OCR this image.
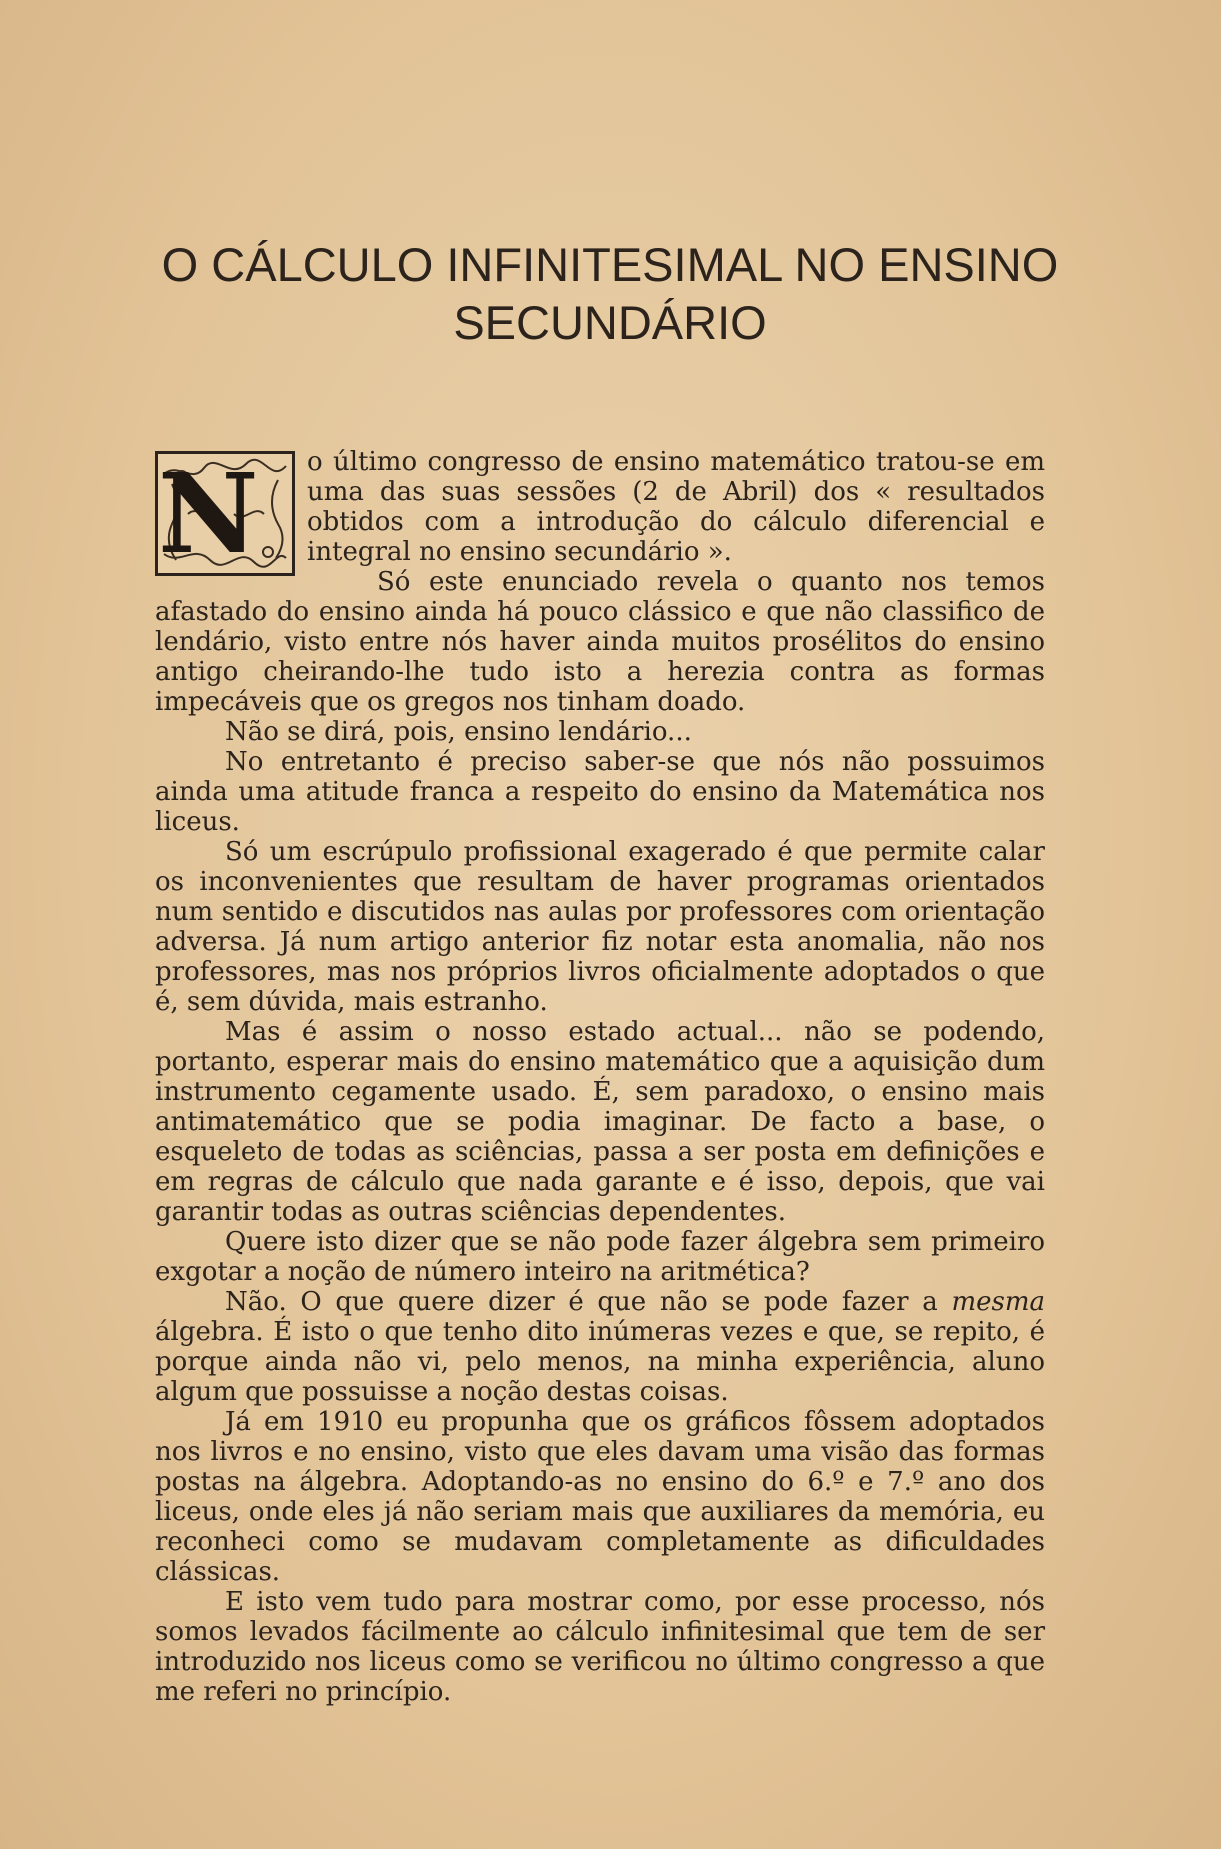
O CÁLCULO INFINITESIMAL NO ENSINO
SECUNDÁRIO

N	o último congresso de ensino matemático tratou-se em uma das suas sessões (2 de Abril) dos « resultados obtidos com a introdução do cálculo diferencial e integral no ensino secundário ».

Só este enunciado revela o quanto nos temos afastado do ensino ainda há pouco clássico e que não classifico de lendário, visto entre nós haver ainda muitos prosélitos do ensino antigo cheirando-lhe tudo isto a herezia contra as formas impecáveis que os gregos nos tinham doado.

Não se dirá, pois, ensino lendário...

No entretanto é preciso saber-se que nós não possuimos ainda uma atitude franca a respeito do ensino da Matemática nos liceus.

Só um escrúpulo profissional exagerado é que permite calar os inconvenientes que resultam de haver programas orientados num sentido e discutidos nas aulas por professores com orientação adversa. Já num artigo anterior fiz notar esta anomalia, não nos professores, mas nos próprios livros oficialmente adoptados o que é, sem dúvida, mais estranho.

Mas é assim o nosso estado actual... não se podendo, portanto, esperar mais do ensino matemático que a aquisição dum instrumento cegamente usado. É, sem paradoxo, o ensino mais antimatemático que se podia imaginar. De facto a base, o esqueleto de todas as sciências, passa a ser posta em definições e em regras de cálculo que nada garante e é isso, depois, que vai garantir todas as outras sciências dependentes.

Quere isto dizer que se não pode fazer álgebra sem primeiro exgotar a noção de número inteiro na aritmética?

Não. O que quere dizer é que não se pode fazer a mesma álgebra. É isto o que tenho dito inúmeras vezes e que, se repito, é porque ainda não vi, pelo menos, na minha experiência, aluno algum que possuisse a noção destas coisas.

Já em 1910 eu propunha que os gráficos fôssem adoptados nos livros e no ensino, visto que eles davam uma visão das formas postas na álgebra. Adoptando-as no ensino do 6.º e 7.º ano dos liceus, onde eles já não seriam mais que auxiliares da memória, eu reconheci como se mudavam completamente as dificuldades clássicas.

E isto vem tudo para mostrar como, por esse processo, nós somos levados fácilmente ao cálculo infinitesimal que tem de ser introduzido nos liceus como se verificou no último congresso a que me referi no princípio.
